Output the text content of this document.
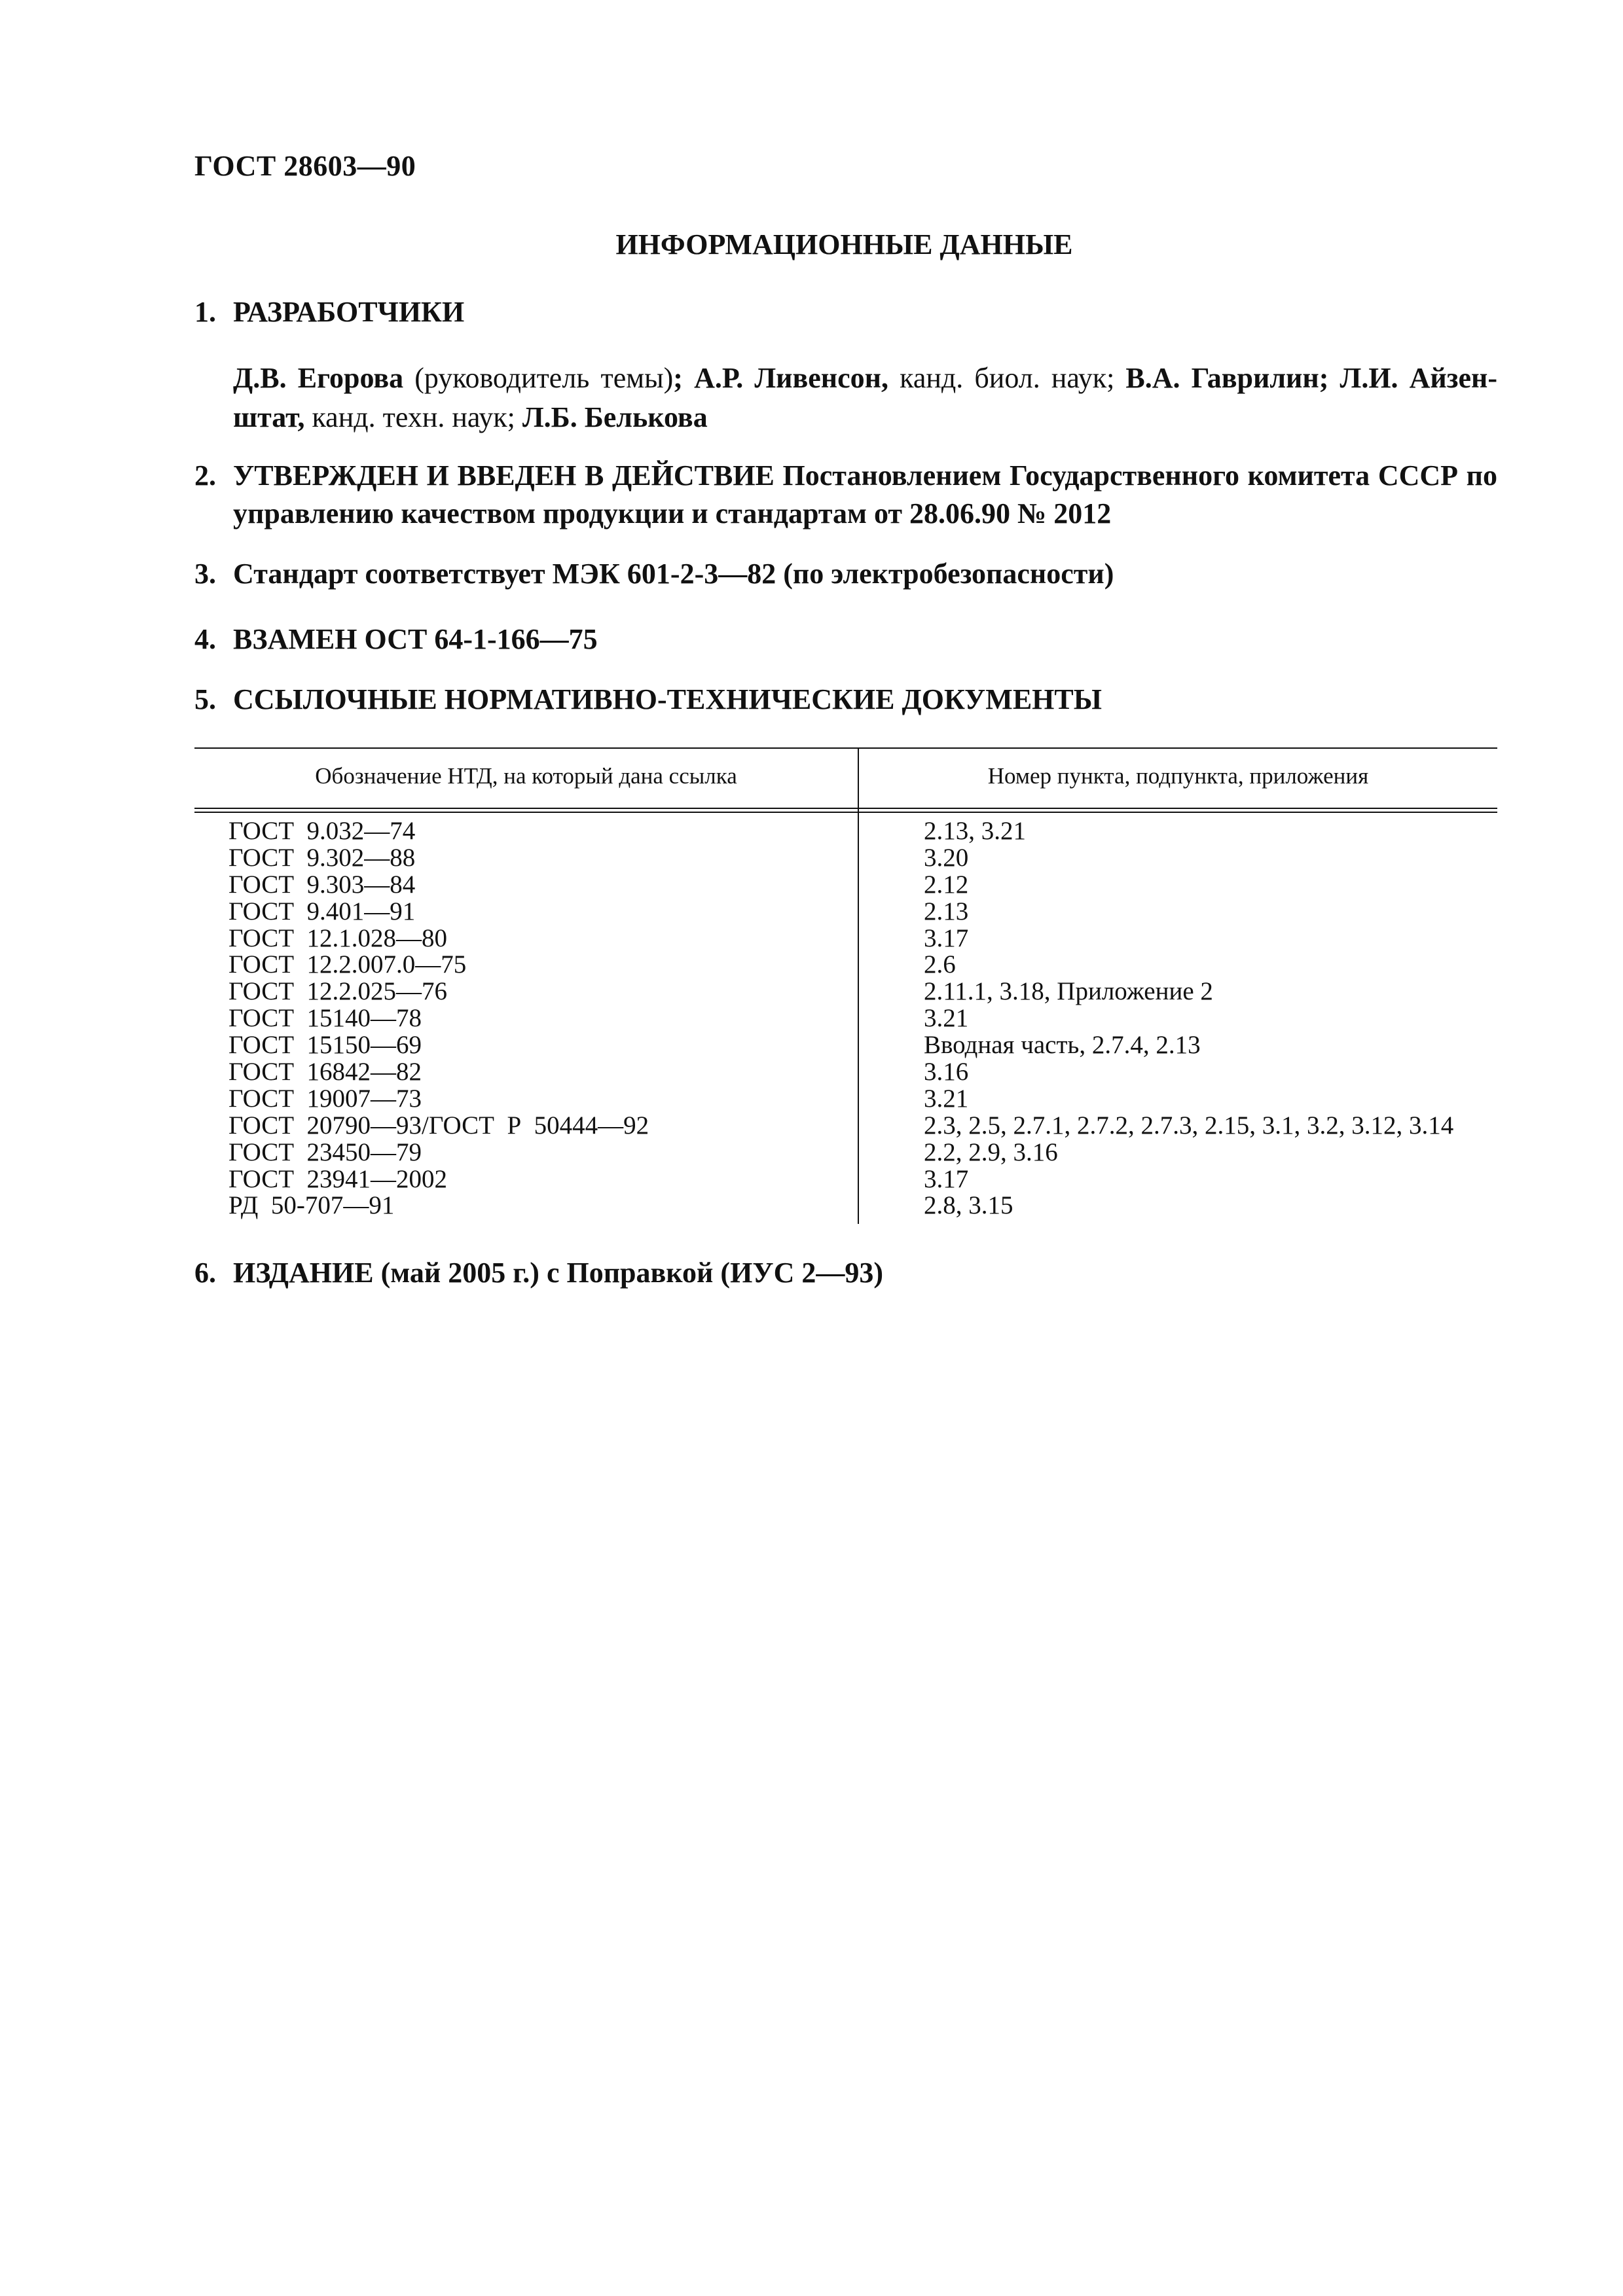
ГОСТ 28603—90
ИНФОРМАЦИОННЫЕ ДАННЫЕ
1. РАЗРАБОТЧИКИ
Д.В. Егорова (руководитель темы); А.Р. Ливенсон, канд. биол. наук; В.А. Гаврилин; Л.И. Айзен-штат, канд. техн. наук; Л.Б. Белькова
2. УТВЕРЖДЕН И ВВЕДЕН В ДЕЙСТВИЕ Постановлением Государственного комитета СССР по управлению качеством продукции и стандартам от 28.06.90 № 2012
3. Стандарт соответствует МЭК 601-2-3—82 (по электробезопасности)
4. ВЗАМЕН ОСТ 64-1-166—75
5. ССЫЛОЧНЫЕ НОРМАТИВНО-ТЕХНИЧЕСКИЕ ДОКУМЕНТЫ
Обозначение НТД, на который дана ссылка	Номер пункта, подпункта, приложения
ГОСТ  9.032—74
ГОСТ  9.302—88
ГОСТ  9.303—84
ГОСТ  9.401—91
ГОСТ  12.1.028—80
ГОСТ  12.2.007.0—75
ГОСТ  12.2.025—76
ГОСТ  15140—78
ГОСТ  15150—69
ГОСТ  16842—82
ГОСТ  19007—73
ГОСТ  20790—93/ГОСТ  Р  50444—92
ГОСТ  23450—79
ГОСТ  23941—2002
РД  50-707—91
2.13, 3.21
3.20
2.12
2.13
3.17
2.6
2.11.1, 3.18, Приложение 2
3.21
Вводная часть, 2.7.4, 2.13
3.16
3.21
2.3, 2.5, 2.7.1, 2.7.2, 2.7.3, 2.15, 3.1, 3.2, 3.12, 3.14
2.2, 2.9, 3.16
3.17
2.8, 3.15
6. ИЗДАНИЕ (май 2005 г.) с Поправкой (ИУС 2—93)
